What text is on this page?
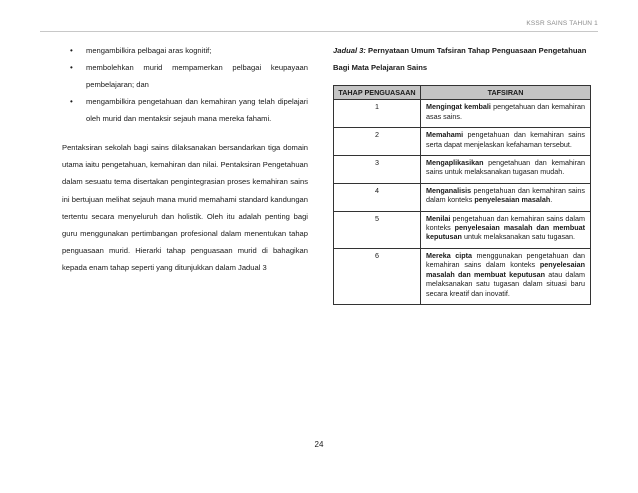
KSSR SAINS TAHUN 1
• mengambilkira pelbagai aras kognitif;
• membolehkan murid mempamerkan pelbagai keupayaan pembelajaran; dan
• mengambilkira pengetahuan dan kemahiran yang telah dipelajari oleh murid dan mentaksir sejauh mana mereka fahami.

Pentaksiran sekolah bagi sains dilaksanakan bersandarkan tiga domain utama iaitu pengetahuan, kemahiran dan nilai. Pentaksiran Pengetahuan dalam sesuatu tema disertakan pengintegrasian proses kemahiran sains ini bertujuan melihat sejauh mana murid memahami standard kandungan tertentu secara menyeluruh dan holistik. Oleh itu adalah penting bagi guru menggunakan pertimbangan profesional dalam menentukan tahap penguasaan murid. Hierarki tahap penguasaan murid di bahagikan kepada enam tahap seperti yang ditunjukkan dalam Jadual 3

Jadual 3: Pernyataan Umum Tafsiran Tahap Penguasaan Pengetahuan Bagi Mata Pelajaran Sains
TAHAP PENGUASAAN	TAFSIRAN
1	Mengingat kembali pengetahuan dan kemahiran asas sains.
2	Memahami pengetahuan dan kemahiran sains serta dapat menjelaskan kefahaman tersebut.
3	Mengaplikasikan pengetahuan dan kemahiran sains untuk melaksanakan tugasan mudah.
4	Menganalisis pengetahuan dan kemahiran sains dalam konteks penyelesaian masalah.
5	Menilai pengetahuan dan kemahiran sains dalam konteks penyelesaian masalah dan membuat keputusan untuk melaksanakan satu tugasan.
6	Mereka cipta menggunakan pengetahuan dan kemahiran sains dalam konteks penyelesaian masalah dan membuat keputusan atau dalam melaksanakan satu tugasan dalam situasi baru secara kreatif dan inovatif.
24
